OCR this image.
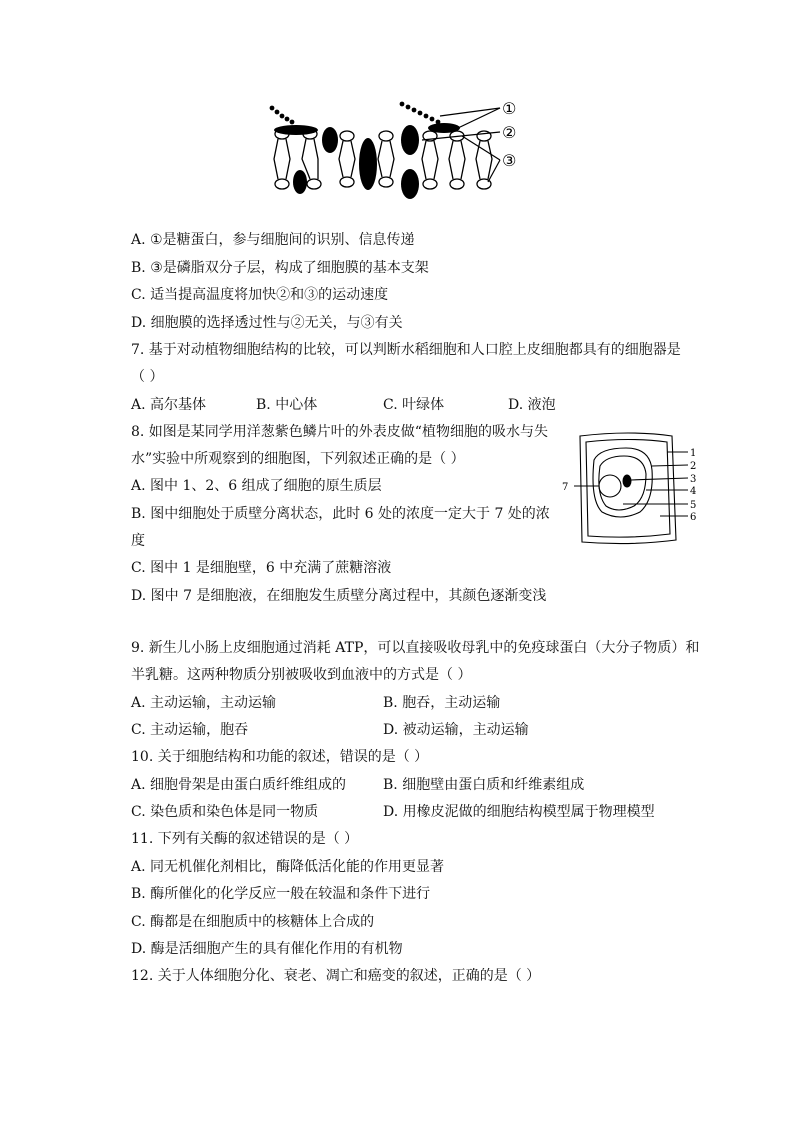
①
②
③
A. ①是糖蛋白，参与细胞间的识别、信息传递
B. ③是磷脂双分子层，构成了细胞膜的基本支架
C. 适当提高温度将加快②和③的运动速度
D. 细胞膜的选择透过性与②无关，与③有关
7. 基于对动植物细胞结构的比较，可以判断水稻细胞和人口腔上皮细胞都具有的细胞器是
（ ）
A. 高尔基体	B. 中心体	C. 叶绿体	D. 液泡
8. 如图是某同学用洋葱紫色鳞片叶的外表皮做“植物细胞的吸水与失
水”实验中所观察到的细胞图，下列叙述正确的是（ ）
A. 图中 1、2、6 组成了细胞的原生质层
B. 图中细胞处于质壁分离状态，此时 6 处的浓度一定大于 7 处的浓
度
C. 图中 1 是细胞壁，6 中充满了蔗糖溶液
D. 图中 7 是细胞液，在细胞发生质壁分离过程中，其颜色逐渐变浅
1
2
3
4
5
6
7
9. 新生儿小肠上皮细胞通过消耗 ATP，可以直接吸收母乳中的免疫球蛋白（大分子物质）和
半乳糖。这两种物质分别被吸收到血液中的方式是（ ）
A. 主动运输，主动运输	B. 胞吞，主动运输
C. 主动运输，胞吞	D. 被动运输，主动运输
10. 关于细胞结构和功能的叙述，错误的是（ ）
A. 细胞骨架是由蛋白质纤维组成的	B. 细胞壁由蛋白质和纤维素组成
C. 染色质和染色体是同一物质	D. 用橡皮泥做的细胞结构模型属于物理模型
11. 下列有关酶的叙述错误的是（ ）
A. 同无机催化剂相比，酶降低活化能的作用更显著
B. 酶所催化的化学反应一般在较温和条件下进行
C. 酶都是在细胞质中的核糖体上合成的
D. 酶是活细胞产生的具有催化作用的有机物
12. 关于人体细胞分化、衰老、凋亡和癌变的叙述，正确的是（ ）
